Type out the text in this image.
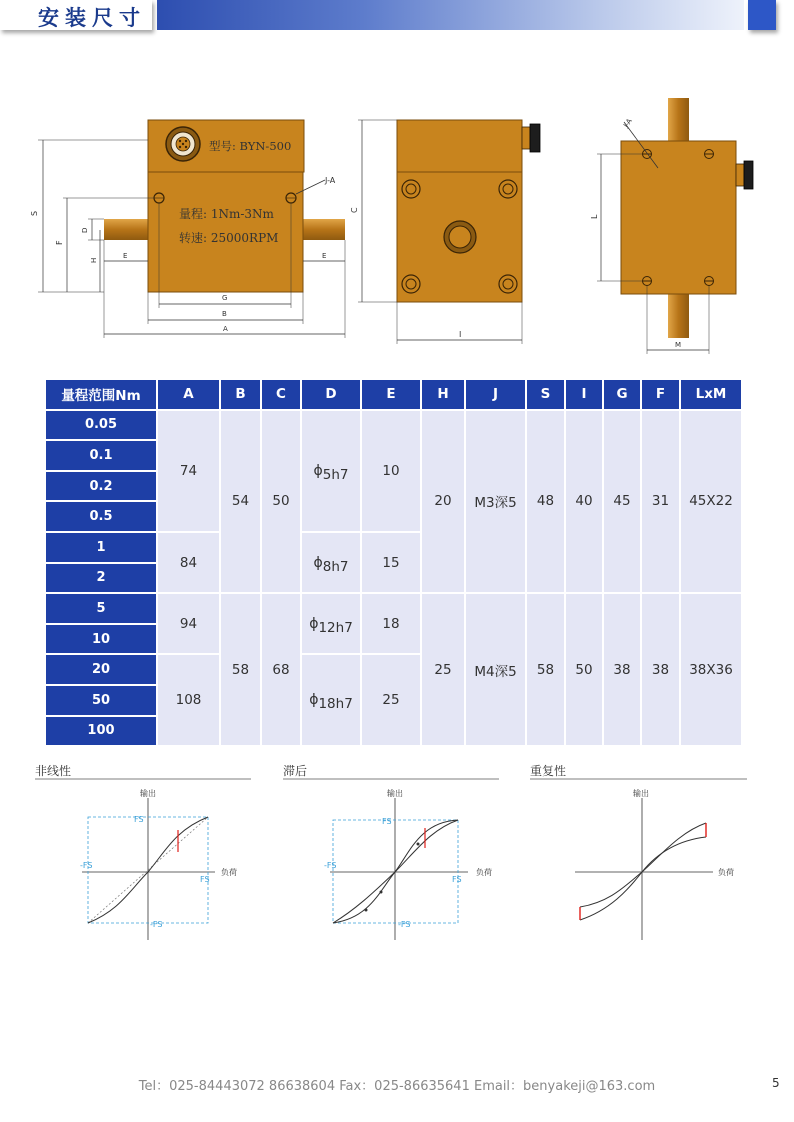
安装尺寸
型号: BYN-500
量程: 1Nm-3Nm
转速: 25000RPM
J-A
S
F
D
H
E	E
G
B
A
C
I
J-A
L
M
量程范围Nm	A	B	C	D	E	H	J	S	I	G	F	LxM
0.05	74	54	50	ϕ5h7	10	20	M3深5	48	40	45	31	45X22
0.1												
0.2												
0.5												
1	84			ϕ8h7	15							
2												
5	94	58	68	ϕ12h7	18	25	M4深5	58	50	38	38	38X36
10												
20	108			ϕ18h7	25							
50												
100												
非线性
输出
负荷
FS
-FS
FS
-FS
滞后
输出
负荷
FS
-FS
FS
-FS
重复性
输出
负荷
Tel：025-84443072 86638604 Fax：025-86635641 Email：benyakeji@163.com	5
